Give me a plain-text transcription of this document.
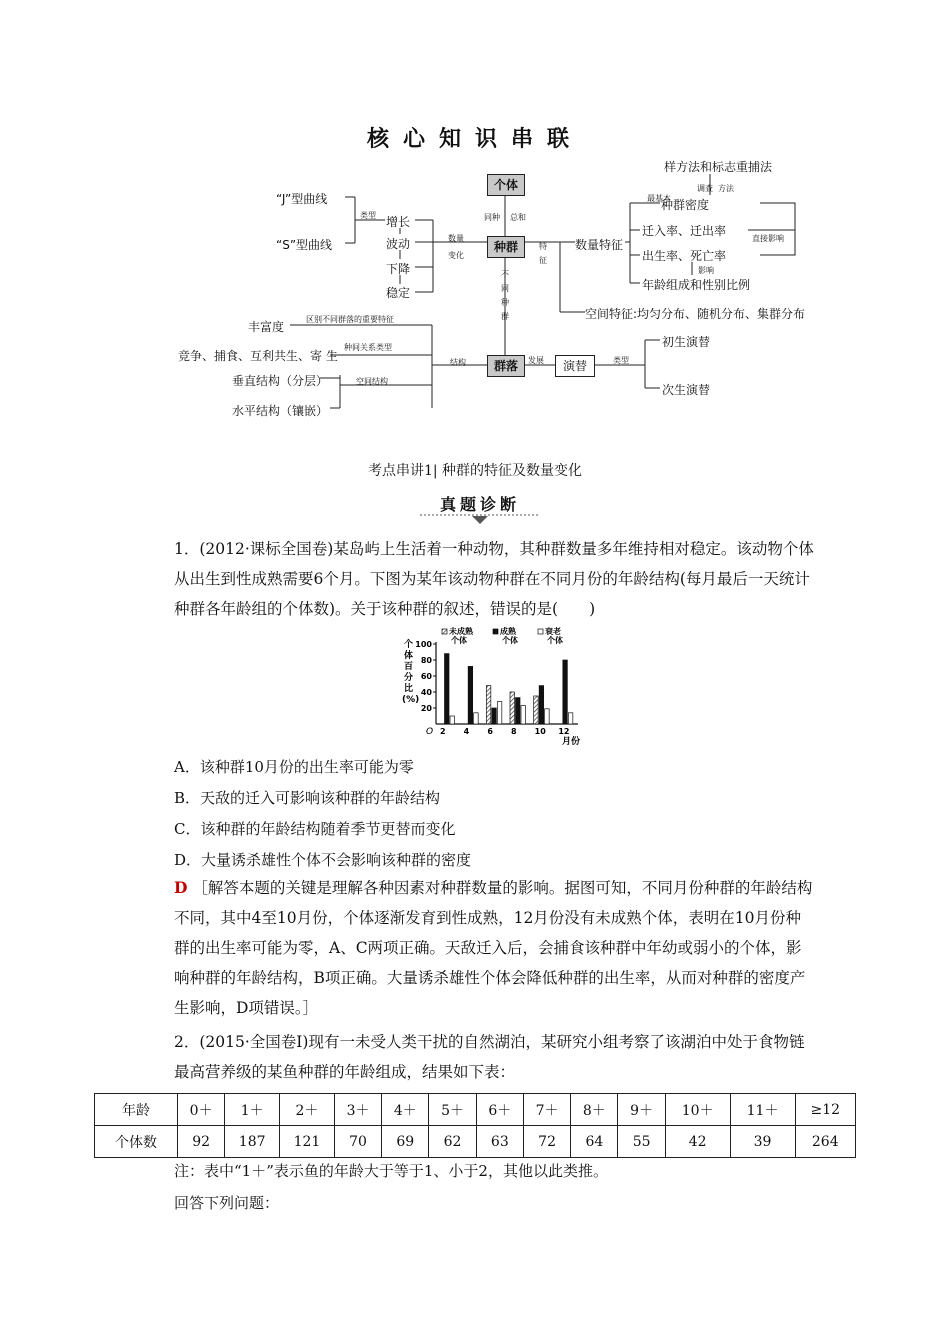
核心知识串联
个体
种群
群落	演替
同种 总和
“J”型曲线
“S”型曲线
类型 增长
波动
下降
稳定
数量
变化
特征
数量特征
空间特征:均匀分布、随机分布、集群分布
样方法和标志重捕法
调查 方法
最基本
种群密度
迁入率、迁出率
直接影响
出生率、死亡率
影响
年龄组成和性别比例
不同种群
丰富度
区别不同群落的重要特征
竞争、捕食、互利共生、寄 生
种间关系类型
垂直结构（分层）	空间结构
水平结构（镶嵌）
结构	发展	类型
初生演替
次生演替
考点串讲1| 种群的特征及数量变化
真题诊断
1．(2012·课标全国卷)某岛屿上生活着一种动物，其种群数量多年维持相对稳定。该动物个体从出生到性成熟需要6个月。下图为某年该动物种群在不同月份的年龄结构(每月最后一天统计种群各年龄组的个体数)。关于该种群的叙述，错误的是(　　)
20
40
60
80
100
2 4 6 8 10 12
未成熟个体
成熟个体
衰老个体
个体百分比(%)
O
月份
A．该种群10月份的出生率可能为零
B．天敌的迁入可影响该种群的年龄结构
C．该种群的年龄结构随着季节更替而变化
D．大量诱杀雄性个体不会影响该种群的密度
D ［解答本题的关键是理解各种因素对种群数量的影响。据图可知，不同月份种群的年龄结构不同，其中4至10月份，个体逐渐发育到性成熟，12月份没有未成熟个体，表明在10月份种群的出生率可能为零，A、C两项正确。天敌迁入后，会捕食该种群中年幼或弱小的个体，影响种群的年龄结构，B项正确。大量诱杀雄性个体会降低种群的出生率，从而对种群的密度产生影响，D项错误。］
2．(2015·全国卷Ⅰ)现有一未受人类干扰的自然湖泊，某研究小组考察了该湖泊中处于食物链最高营养级的某鱼种群的年龄组成，结果如下表：
年龄	0＋	1＋	2＋	3＋	4＋	5＋	6＋	7＋	8＋	9＋	10＋	11＋	≥12
个体数	92	187	121	70	69	62	63	72	64	55	42	39	264
注：表中“1＋”表示鱼的年龄大于等于1、小于2，其他以此类推。
回答下列问题：
